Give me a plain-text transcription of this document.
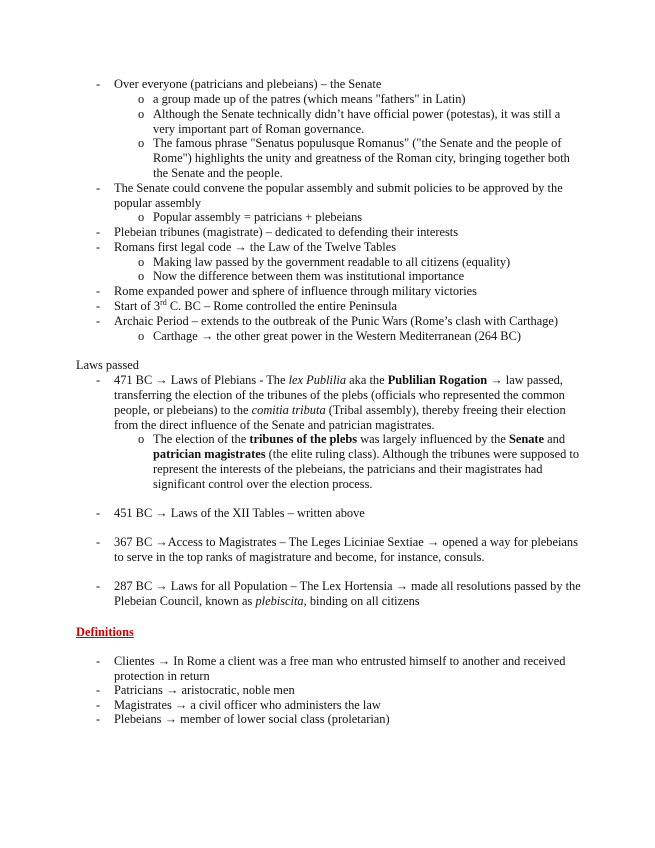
-	Over everyone (patricians and plebeians) – the Senate
o a group made up of the patres (which means "fathers" in Latin)
o Although the Senate technically didn’t have official power (potestas), it was still a very important part of Roman governance.
o The famous phrase "Senatus populusque Romanus" ("the Senate and the people of Rome") highlights the unity and greatness of the Roman city, bringing together both the Senate and the people.
-	The Senate could convene the popular assembly and submit policies to be approved by the popular assembly
o Popular assembly = patricians + plebeians
-	Plebeian tribunes (magistrate) – dedicated to defending their interests
-	Romans first legal code → the Law of the Twelve Tables
o Making law passed by the government readable to all citizens (equality)
o Now the difference between them was institutional importance
-	Rome expanded power and sphere of influence through military victories
-	Start of 3rd C. BC – Rome controlled the entire Peninsula
-	Archaic Period – extends to the outbreak of the Punic Wars (Rome’s clash with Carthage)
o Carthage → the other great power in the Western Mediterranean (264 BC)
Laws passed
-	471 BC → Laws of Plebians - The lex Publilia aka the Publilian Rogation → law passed, transferring the election of the tribunes of the plebs (officials who represented the common people, or plebeians) to the comitia tributa (Tribal assembly), thereby freeing their election from the direct influence of the Senate and patrician magistrates.
o The election of the tribunes of the plebs was largely influenced by the Senate and patrician magistrates (the elite ruling class). Although the tribunes were supposed to represent the interests of the plebeians, the patricians and their magistrates had significant control over the election process.
-	451 BC → Laws of the XII Tables – written above
-	367 BC →Access to Magistrates – The Leges Liciniae Sextiae → opened a way for plebeians to serve in the top ranks of magistrature and become, for instance, consuls.
-	287 BC → Laws for all Population – The Lex Hortensia → made all resolutions passed by the Plebeian Council, known as plebiscita, binding on all citizens
Definitions
-	Clientes → In Rome a client was a free man who entrusted himself to another and received protection in return
-	Patricians → aristocratic, noble men
-	Magistrates → a civil officer who administers the law
-	Plebeians → member of lower social class (proletarian)
